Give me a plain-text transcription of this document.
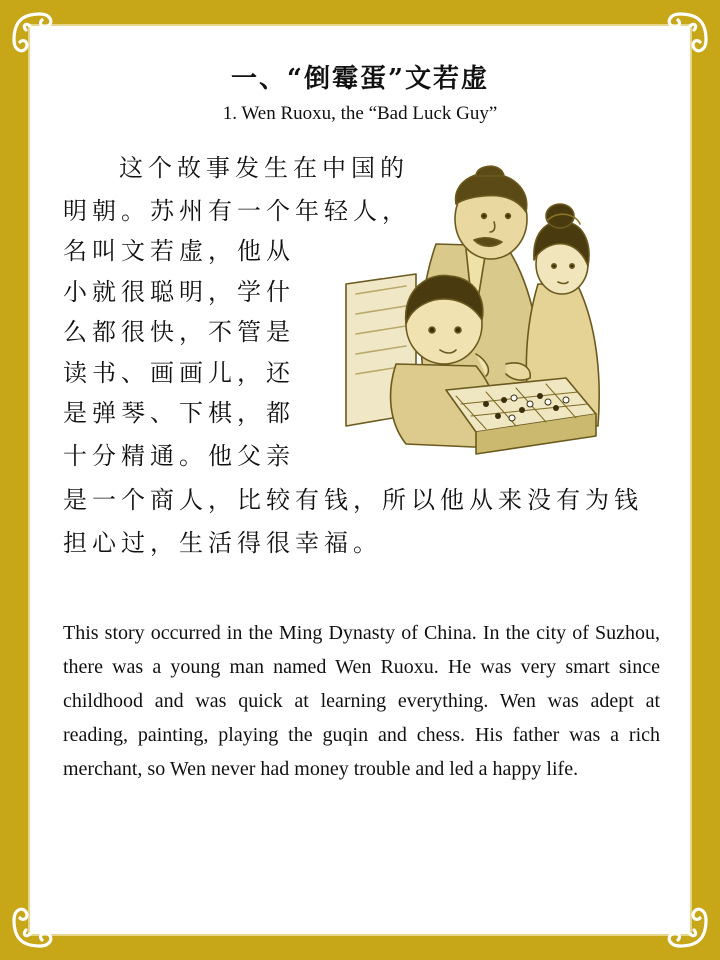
一、“倒霉蛋”文若虚
1. Wen Ruoxu, the “Bad Luck Guy”
这个故事发生在中国的
明朝。苏州有一个年轻人，
名叫文若虚，他从
小就很聪明，学什
么都很快，不管是
读书、画画儿，还
是弹琴、下棋，都
十分精通。他父亲
是一个商人，比较有钱，所以他从来没有为钱
担心过，生活得很幸福。
This story occurred in the Ming Dynasty of China. In the city of Suzhou, there was a young man named Wen Ruoxu. He was very smart since childhood and was quick at learning everything. Wen was adept at reading, painting, playing the guqin and chess. His father was a rich merchant, so Wen never had money trouble and led a happy life.
